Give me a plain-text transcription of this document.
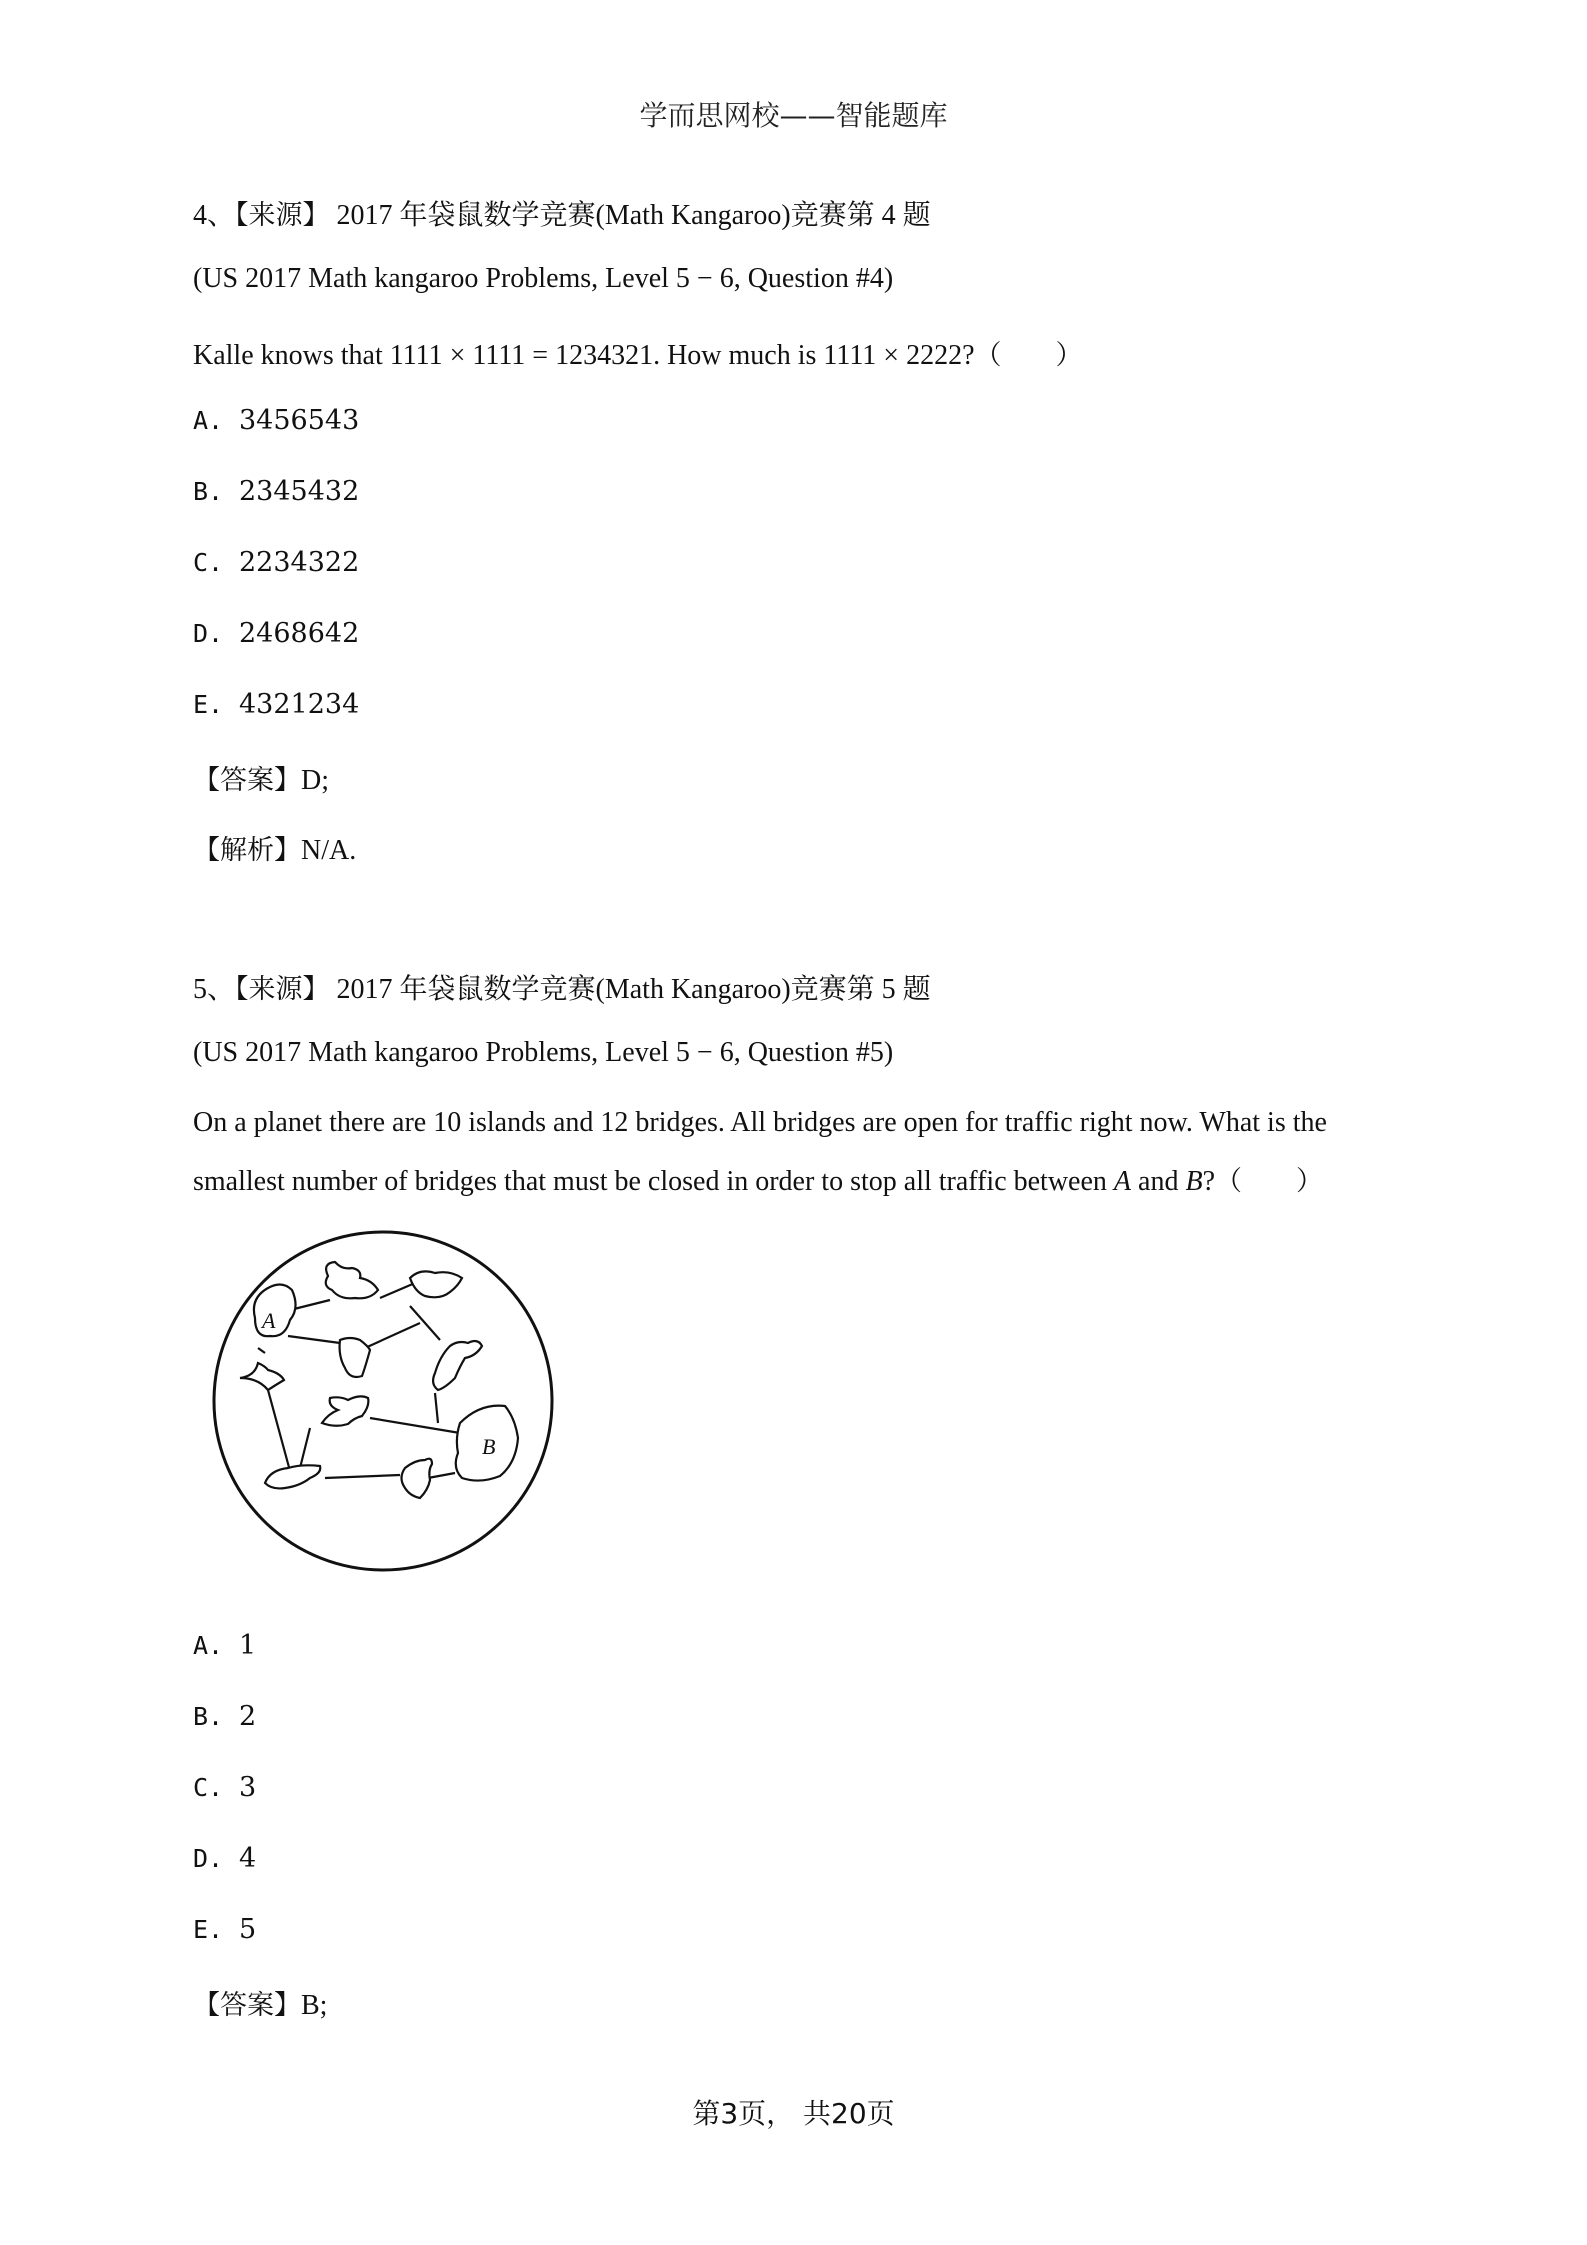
学而思网校——智能题库
4、【来源】 2017 年袋鼠数学竞赛(Math Kangaroo)竞赛第 4 题
(US 2017 Math kangaroo Problems, Level 5 − 6, Question #4)
Kalle knows that 1111 × 1111 = 1234321. How much is 1111 × 2222?（　　）
A. 3456543
B. 2345432
C. 2234322
D. 2468642
E. 4321234
【答案】D;
【解析】N/A.
5、【来源】 2017 年袋鼠数学竞赛(Math Kangaroo)竞赛第 5 题
(US 2017 Math kangaroo Problems, Level 5 − 6, Question #5)
On a planet there are 10 islands and 12 bridges. All bridges are open for traffic right now. What is the
smallest number of bridges that must be closed in order to stop all traffic between A and B?（　　）
A
B
A. 1
B. 2
C. 3
D. 4
E. 5
【答案】B;
第3页， 共20页
